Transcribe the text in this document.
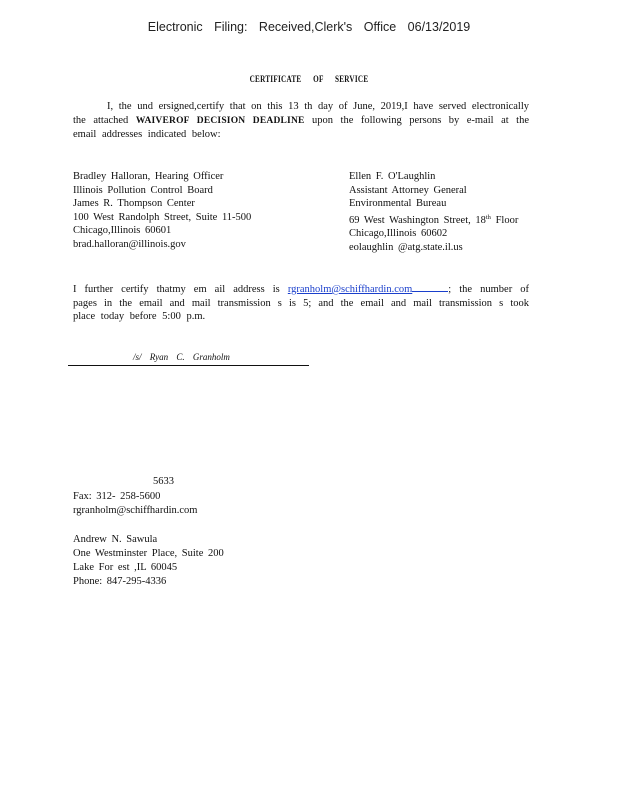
Electronic Filing: Received,Clerk's Office 06/13/2019
CERTIFICATE OF SERVICE
I, the und ersigned,certify that on this 13 th day of June, 2019,I have served electronically the attached WAIVEROF DECISION DEADLINE upon the following persons by e-mail at the email addresses indicated below:
Bradley Halloran, Hearing Officer
Illinois Pollution Control Board
James R. Thompson Center
100 West Randolph Street, Suite 11-500
Chicago,Illinois 60601
brad.halloran@illinois.gov
Ellen F. O'Laughlin
Assistant Attorney General
Environmental Bureau
69 West Washington Street, 18th Floor
Chicago,Illinois 60602
eolaughlin @atg.state.il.us
I further certify thatmy em ail address is rgranholm@schiffhardin.com	; the number of pages in the email and mail transmission s is 5; and the email and mail transmission s took place today before 5:00 p.m.
/s/ Ryan C. Granholm
5633
Fax: 312- 258-5600
rgranholm@schiffhardin.com
Andrew N. Sawula
One Westminster Place, Suite 200
Lake For est ,IL 60045
Phone: 847-295-4336
